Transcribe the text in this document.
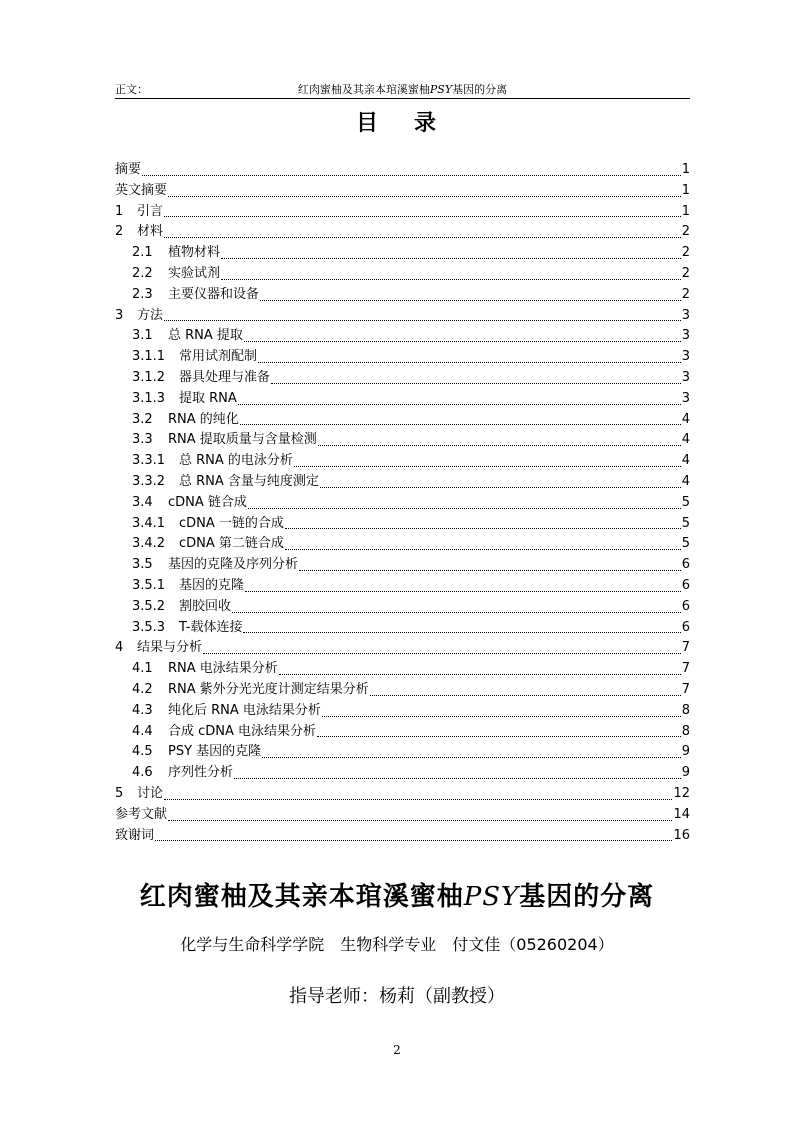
正文：	红肉蜜柚及其亲本琯溪蜜柚PSY基因的分离
目 录
摘要	1
英文摘要	1
1	引言	1
2	材料	2
2.1	植物材料	2
2.2	实验试剂	2
2.3	主要仪器和设备	2
3	方法	3
3.1	总 RNA 提取	3
3.1.1	常用试剂配制	3
3.1.2	器具处理与准备	3
3.1.3	提取 RNA	3
3.2	RNA 的纯化	4
3.3	RNA 提取质量与含量检测	4
3.3.1	总 RNA 的电泳分析	4
3.3.2	总 RNA 含量与纯度测定	4
3.4	cDNA 链合成	5
3.4.1	cDNA 一链的合成	5
3.4.2	cDNA 第二链合成	5
3.5	基因的克隆及序列分析	6
3.5.1	基因的克隆	6
3.5.2	割胶回收	6
3.5.3	T-载体连接	6
4	结果与分析	7
4.1	RNA 电泳结果分析	7
4.2	RNA 紫外分光光度计测定结果分析	7
4.3	纯化后 RNA 电泳结果分析	8
4.4	合成 cDNA 电泳结果分析	8
4.5	PSY 基因的克隆	9
4.6	序列性分析	9
5	讨论	12
参考文献	14
致谢词	16
红肉蜜柚及其亲本琯溪蜜柚PSY基因的分离
化学与生命科学学院　生物科学专业　付文佳（05260204）
指导老师：杨莉（副教授）
2
